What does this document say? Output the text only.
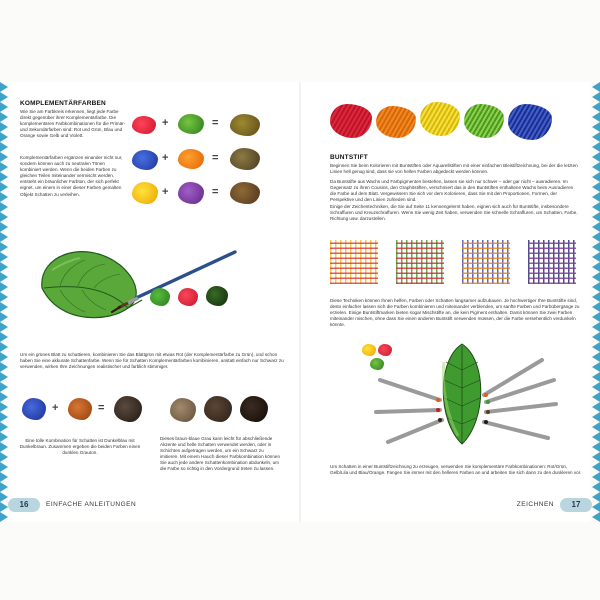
KOMPLEMENTÄRFARBEN
Wie Sie am Farbkreis erkennen, liegt jede Farbe direkt gegenüber ihrer Komplementärfarbe. Die komplementären Farbkombinationen für die Primär- und Sekundärfarben sind: Rot und Grün, Blau und Orange sowie Gelb und Violett.
Komplementärfarben ergänzen einander nicht nur, sondern können auch zu neutralen Tönen kombiniert werden. Wenn die beiden Farben zu gleichen Teilen miteinander vermischt werden, entsteht ein bräunlicher Farbton, der sich perfekt eignet, um einem in einer dieser Farben gemalten Objekt Schatten zu verleihen.
+	=
+	=
+	=
Um ein grünes Blatt zu schattieren, kombinieren Sie das Blattgrün mit etwas Rot (der Komplementärfarbe zu Grün), und schon haben Sie eine akkurate Schattenfarbe. Wenn Sie für Schatten Komplementärfarben kombinieren, anstatt einfach nur Schwarz zu verwenden, wirken Ihre Zeichnungen realistischer und farblich stimmiger.
+	=
Eine tolle Kombination für Schatten ist Dunkelblau mit Dunkelbraun. Zusammen ergeben die beiden Farben einen dunklen Grauton.
Dieses braun-blaue Grau kann leicht für abschließende Akzente und helle Schatten verwendet werden, oder in Schichten aufgetragen werden, um ein Schwarz zu imitieren. Mit einem Hauch dieser Farbkombination können Sie auch jede andere Schattenkombination abdunkeln, um die Farbe so richtig in den Vordergrund treten zu lassen.
BUNTSTIFT
Beginnen Sie beim Kolorieren mit Buntstiften oder Aquarellstiften mit einer einfachen Bleistiftzeichnung, bei der die letzten Linien hell genug sind, dass sie von hellen Farben abgedeckt werden können.
Da Buntstifte aus Wachs und Farbpigmenten bestehen, lassen sie sich nur schwer – oder gar nicht – ausradieren. Im Gegensatz zu ihren Cousins, den Graphitstiften, verschmiert das in den Buntstiften enthaltene Wachs beim Ausradieren die Farbe auf dem Blatt. Vergewissern Sie sich vor dem Kolorieren, dass Sie mit den Proportionen, Formen, der Perspektive und den Linien zufrieden sind.
Einige der Zeichentechniken, die Sie auf Seite 11 kennengelernt haben, eignen sich auch für Buntstifte, insbesondere Schraffuren und Kreuzschraffuren. Wenn Sie wenig Zeit haben, verwenden Sie schnelle Schraffuren, um Schatten, Farbe, Richtung usw. darzustellen.
Diese Techniken können Ihnen helfen, Farben oder Schatten langsamer aufzubauen. Je hochwertiger Ihre Buntstifte sind, desto einfacher lassen sich die Farben kombinieren und miteinander verblenden, um sanfte Farben und Farbübergänge zu erzielen. Einige Buntstiftmarken bieten sogar Mischstifte an, die kein Pigment enthalten. Damit können Sie zwei Farben miteinander mischen, ohne dass Sie einen anderen Buntstift verwenden müssen, der die Farbe versehentlich verdunkeln könnte.
Um Schatten in einer Buntstiftzeichnung zu erzeugen, verwenden Sie komplementäre Farbkombinationen: Rot/Grün, Gelb/Lila und Blau/Orange. Fangen Sie immer mit den helleren Farben an und arbeiten Sie sich dann zu den dunkleren vor.
16	EINFACHE ANLEITUNGEN	ZEICHNEN	17
